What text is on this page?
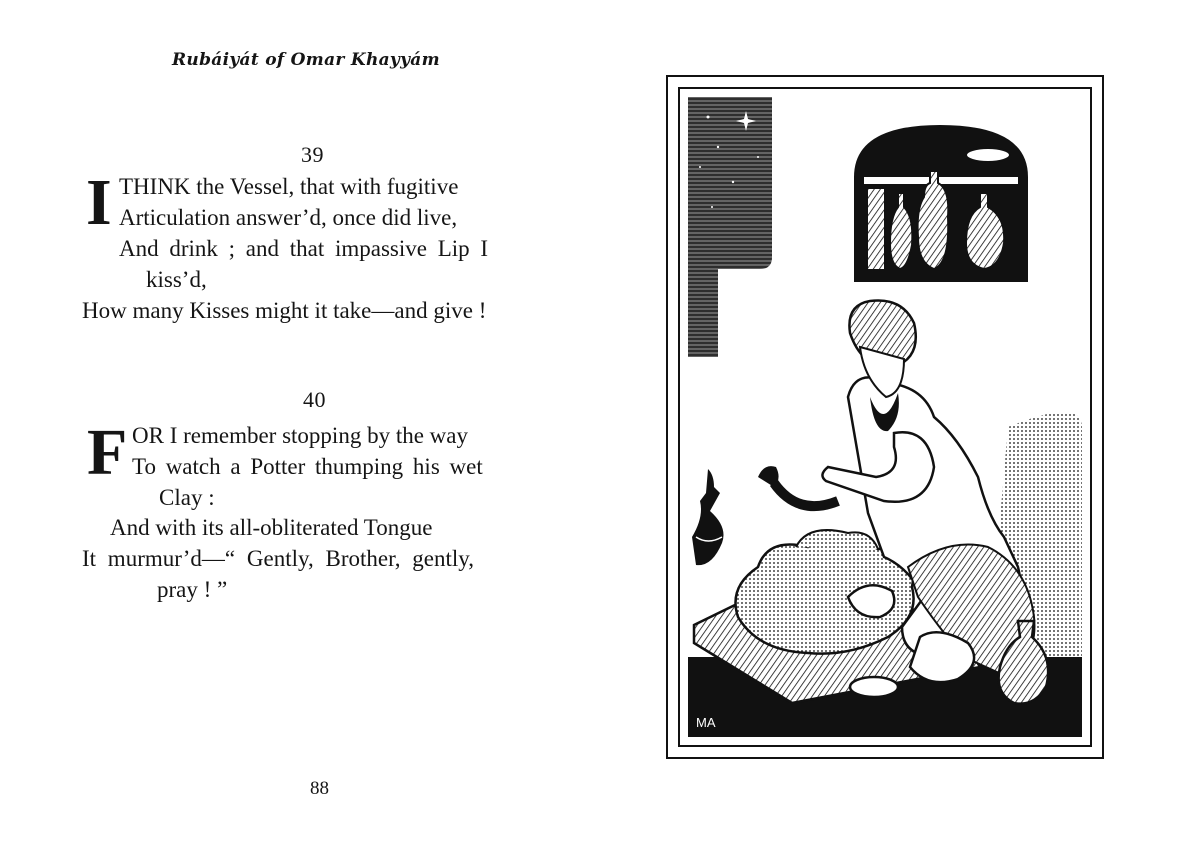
Rubáiyát of Omar Khayyám
39
I THINK the Vessel, that with fugitive
Articulation answer’d, once did live,
And drink ; and that impassive Lip I
kiss’d,
How many Kisses might it take—and give !
40
F OR I remember stopping by the way
To watch a Potter thumping his wet
Clay :
And with its all-obliterated Tongue
It murmur’d—“ Gently, Brother, gently,
pray ! ”
88
MA
